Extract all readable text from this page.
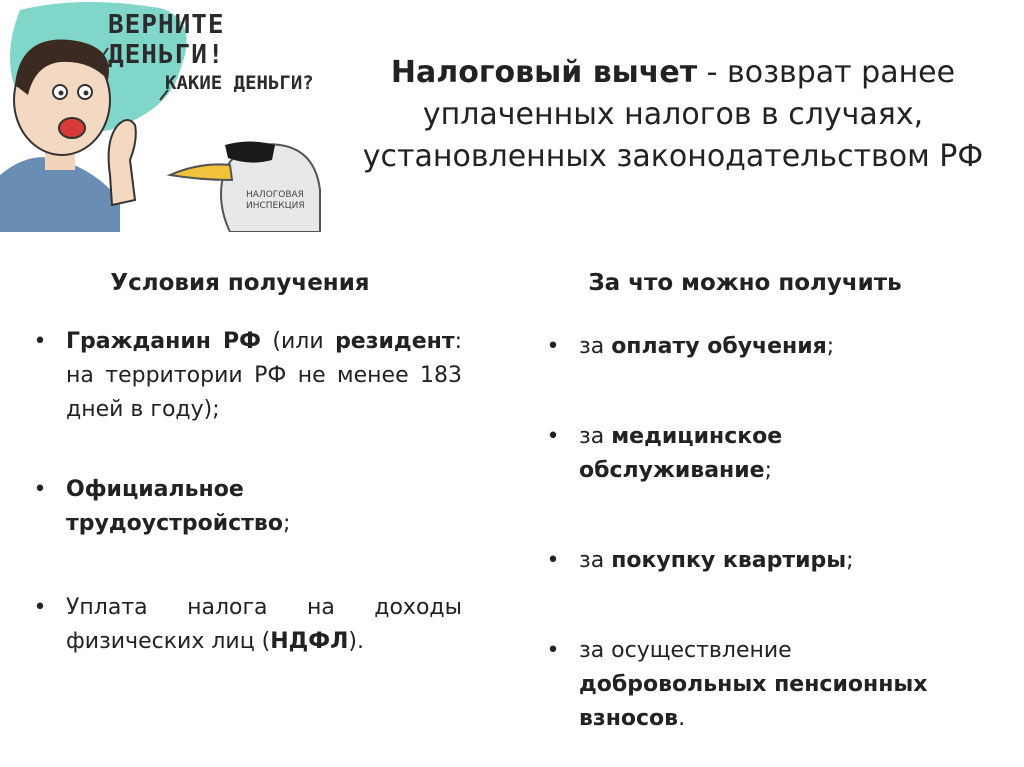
ВЕРНИТЕ ДЕНЬГИ!
КАКИЕ ДЕНЬГИ?
НАЛОГОВАЯ ИНСПЕКЦИЯ
Налоговый вычет - возврат ранее уплаченных налогов в случаях, установленных законодательством РФ
Условия получения	За что можно получить
• Гражданин РФ (или резидент: на территории РФ не менее 183 дней в году);
• Официальное трудоустройство;
• Уплата налога на доходы физических лиц (НДФЛ).
• за оплату обучения;
• за медицинское обслуживание;
• за покупку квартиры;
• за осуществление добровольных пенсионных взносов.
